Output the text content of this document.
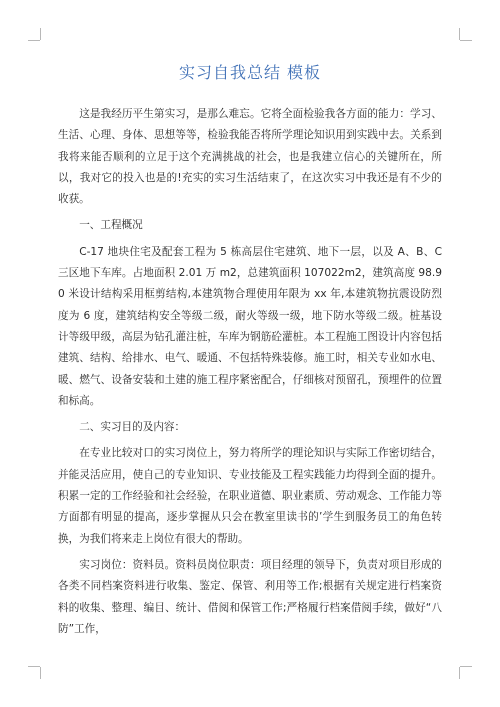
实习自我总结 模板

这是我经历平生第实习，是那么难忘。它将全面检验我各方面的能力：学习、生活、心理、身体、思想等等，检验我能否将所学理论知识用到实践中去。关系到我将来能否顺利的立足于这个充满挑战的社会，也是我建立信心的关键所在，所以，我对它的投入也是的!充实的实习生活结束了，在这次实习中我还是有不少的收获。

一、工程概况

C-17 地块住宅及配套工程为 5 栋高层住宅建筑、地下一层，以及 A、B、C 三区地下车库。占地面积 2.01 万 m2，总建筑面积 107022m2，建筑高度 98.90 米设计结构采用框剪结构,本建筑物合理使用年限为 xx 年,本建筑物抗震设防烈度为 6 度，建筑结构安全等级二级，耐火等级一级，地下防水等级二级。桩基设计等级甲级，高层为钻孔灌注桩，车库为钢筋砼灌桩。本工程施工图设计内容包括建筑、结构、给排水、电气、暖通、不包括特殊装修。施工时，相关专业如水电、暖、燃气、设备安装和土建的施工程序紧密配合，仔细核对预留孔，预埋件的位置和标高。

二、实习目的及内容：

在专业比较对口的实习岗位上，努力将所学的理论知识与实际工作密切结合，并能灵活应用，使自己的专业知识、专业技能及工程实践能力均得到全面的提升。积累一定的工作经验和社会经验，在职业道德、职业素质、劳动观念、工作能力等方面都有明显的提高，逐步掌握从只会在教室里读书的’学生到服务员工的角色转换，为我们将来走上岗位有很大的帮助。

实习岗位：资料员。资料员岗位职责：项目经理的领导下，负责对项目形成的各类不同档案资料进行收集、鉴定、保管、利用等工作;根据有关规定进行档案资料的收集、整理、编目、统计、借阅和保管工作;严格履行档案借阅手续，做好“八防”工作，
